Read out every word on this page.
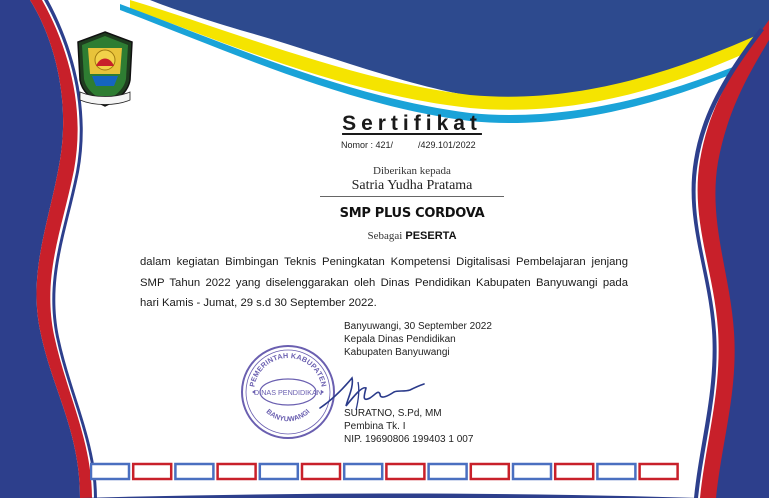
Sertifikat
Nomor : 421/          /429.101/2022
Diberikan kepada
Satria Yudha Pratama
SMP PLUS CORDOVA
Sebagai PESERTA
dalam kegiatan Bimbingan Teknis Peningkatan Kompetensi Digitalisasi Pembelajaran jenjang SMP Tahun 2022 yang diselenggarakan oleh Dinas Pendidikan Kabupaten Banyuwangi pada hari Kamis - Jumat, 29 s.d 30 September 2022.
Banyuwangi, 30 September 2022
Kepala Dinas Pendidikan
Kabupaten Banyuwangi
PEMERINTAH KABUPATEN
DINAS PENDIDIKAN
BANYUWANGI	SURATNO, S.Pd, MM
Pembina Tk. I
NIP. 19690806 199403 1 007
